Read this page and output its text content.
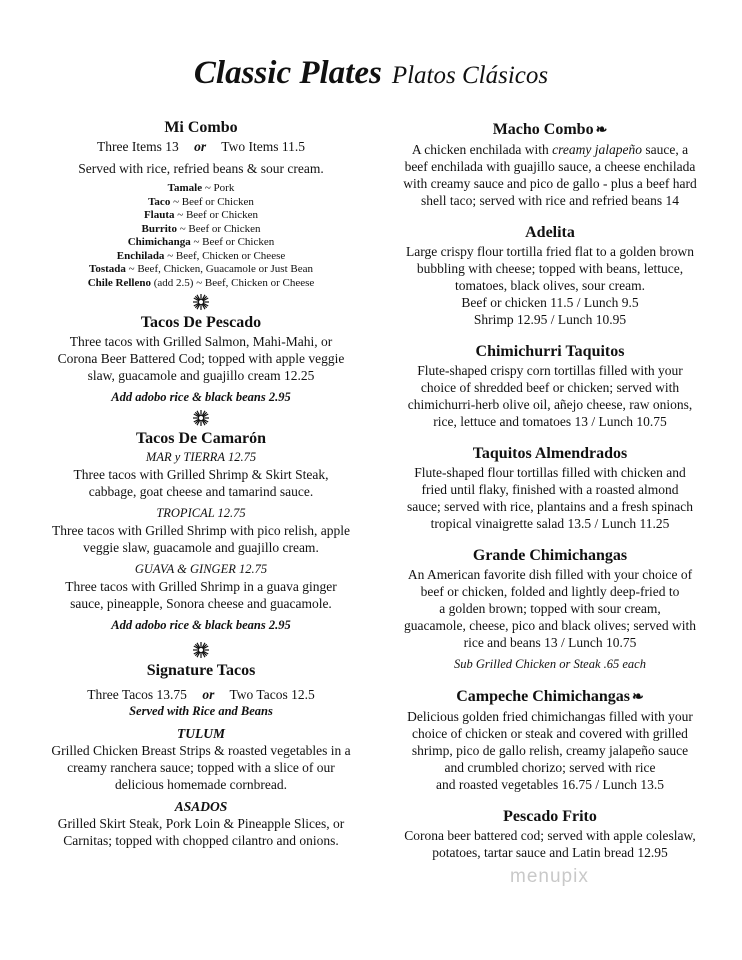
Classic Plates Platos Clásicos
Mi Combo

Three Items 13 or Two Items 11.5

Served with rice, refried beans & sour cream.

Tamale ~ Pork
Taco ~ Beef or Chicken
Flauta ~ Beef or Chicken
Burrito ~ Beef or Chicken
Chimichanga ~ Beef or Chicken
Enchilada ~ Beef, Chicken or Cheese
Tostada ~ Beef, Chicken, Guacamole or Just Bean
Chile Relleno (add 2.5) ~ Beef, Chicken or Cheese
Tacos De Pescado

Three tacos with Grilled Salmon, Mahi-Mahi, or

Corona Beer Battered Cod; topped with apple veggie

slaw, guacamole and guajillo cream 12.25

Add adobo rice & black beans 2.95

Tacos De Camarón

MAR y TIERRA 12.75

Three tacos with Grilled Shrimp & Skirt Steak,

cabbage, goat cheese and tamarind sauce.

TROPICAL 12.75

Three tacos with Grilled Shrimp with pico relish, apple

veggie slaw, guacamole and guajillo cream.

GUAVA & GINGER 12.75

Three tacos with Grilled Shrimp in a guava ginger

sauce, pineapple, Sonora cheese and guacamole.

Add adobo rice & black beans 2.95

Signature Tacos

Three Tacos 13.75 or Two Tacos 12.5

Served with Rice and Beans

TULUM

Grilled Chicken Breast Strips & roasted vegetables in a

creamy ranchera sauce; topped with a slice of our

delicious homemade cornbread.

ASADOS

Grilled Skirt Steak, Pork Loin & Pineapple Slices, or

Carnitas; topped with chopped cilantro and onions.

Macho Combo ❧

A chicken enchilada with creamy jalapeño sauce, a

beef enchilada with guajillo sauce, a cheese enchilada

with creamy sauce and pico de gallo - plus a beef hard

shell taco; served with rice and refried beans 14

Adelita

Large crispy flour tortilla fried flat to a golden brown

bubbling with cheese; topped with beans, lettuce,

tomatoes, black olives, sour cream.

Beef or chicken 11.5 / Lunch 9.5

Shrimp 12.95 / Lunch 10.95

Chimichurri Taquitos

Flute-shaped crispy corn tortillas filled with your

choice of shredded beef or chicken; served with

chimichurri-herb olive oil, añejo cheese, raw onions,

rice, lettuce and tomatoes 13 / Lunch 10.75

Taquitos Almendrados

Flute-shaped flour tortillas filled with chicken and

fried until flaky, finished with a roasted almond

sauce; served with rice, plantains and a fresh spinach

tropical vinaigrette salad 13.5 / Lunch 11.25

Grande Chimichangas

An American favorite dish filled with your choice of

beef or chicken, folded and lightly deep-fried to

a golden brown; topped with sour cream,

guacamole, cheese, pico and black olives; served with

rice and beans 13 / Lunch 10.75

Sub Grilled Chicken or Steak .65 each

Campeche Chimichangas ❧

Delicious golden fried chimichangas filled with your

choice of chicken or steak and covered with grilled

shrimp, pico de gallo relish, creamy jalapeño sauce

and crumbled chorizo; served with rice

and roasted vegetables 16.75 / Lunch 13.5

Pescado Frito

Corona beer battered cod; served with apple coleslaw,

potatoes, tartar sauce and Latin bread 12.95

menupix
